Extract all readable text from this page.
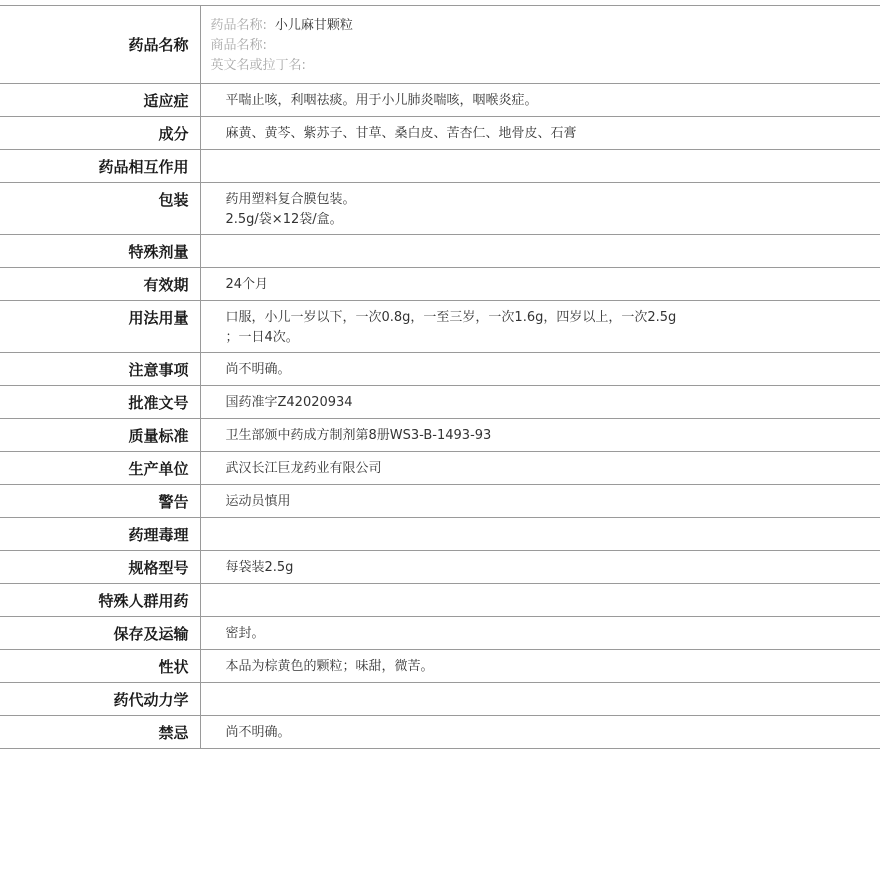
药品名称	药品名称: 小儿麻甘颗粒
商品名称:
英文名或拉丁名:

适应症	平喘止咳，利咽祛痰。用于小儿肺炎喘咳，咽喉炎症。

成分	麻黄、黄芩、紫苏子、甘草、桑白皮、苦杏仁、地骨皮、石膏

药品相互作用	
包装	药用塑料复合膜包装。
2.5g/袋×12袋/盒。

特殊剂量	
有效期	24个月

用法用量	口服，小儿一岁以下，一次0.8g，一至三岁，一次1.6g，四岁以上，一次2.5g
；一日4次。

注意事项	尚不明确。

批准文号	国药准字Z42020934

质量标准	卫生部颁中药成方制剂第8册WS3-B-1493-93

生产单位	武汉长江巨龙药业有限公司

警告	运动员慎用

药理毒理	
规格型号	每袋装2.5g

特殊人群用药	
保存及运输	密封。

性状	本品为棕黄色的颗粒；味甜，微苦。

药代动力学	
禁忌	尚不明确。
